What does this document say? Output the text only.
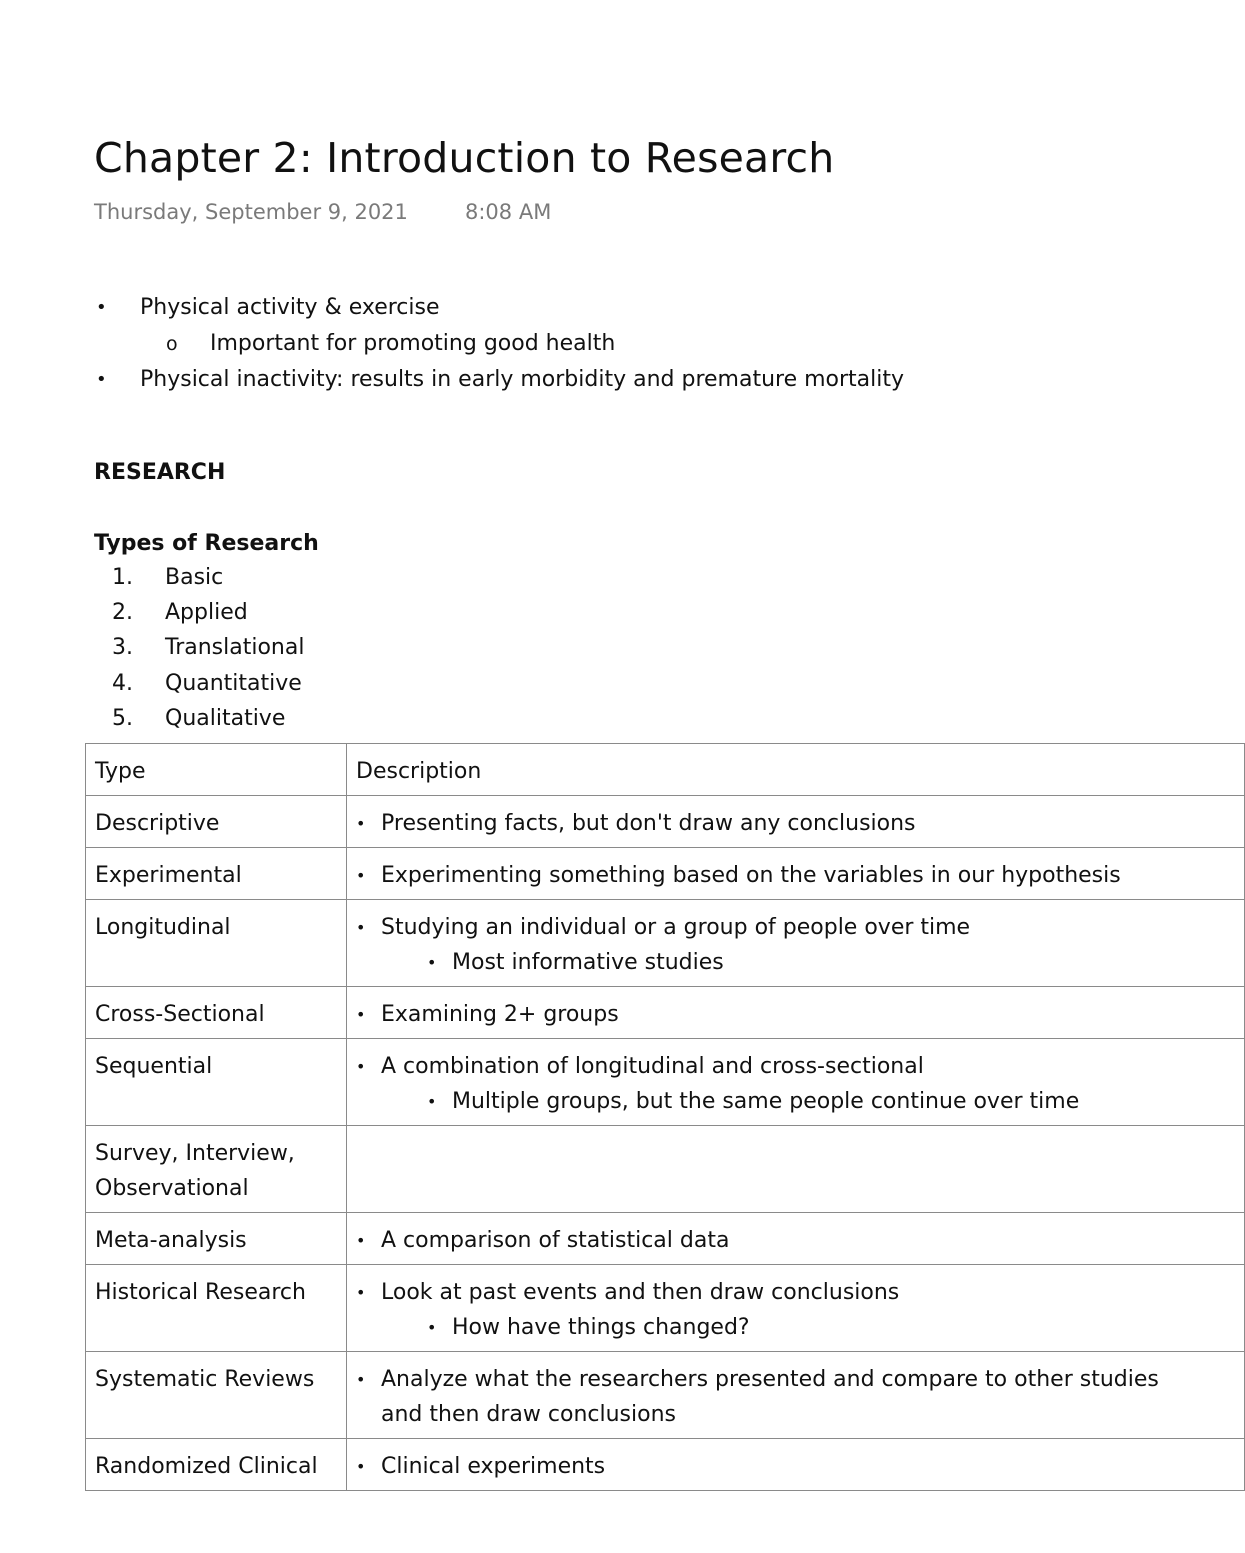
Chapter 2: Introduction to Research
Thursday, September 9, 2021	8:08 AM
• Physical activity & exercise
o Important for promoting good health
• Physical inactivity: results in early morbidity and premature mortality
RESEARCH
Types of Research
1. Basic
2. Applied
3. Translational
4. Quantitative
5. Qualitative
Type	Description
Descriptive	• Presenting facts, but don't draw any conclusions

Experimental	• Experimenting something based on the variables in our hypothesis

Longitudinal	• Studying an individual or a group of people over time
• Most informative studies

Cross-Sectional	• Examining 2+ groups

Sequential	• A combination of longitudinal and cross-sectional
• Multiple groups, but the same people continue over time

Survey, Interview,
Observational	

Meta-analysis	• A comparison of statistical data

Historical Research	• Look at past events and then draw conclusions
• How have things changed?

Systematic Reviews	• Analyze what the researchers presented and compare to other studies
and then draw conclusions

Randomized Clinical	• Clinical experiments
